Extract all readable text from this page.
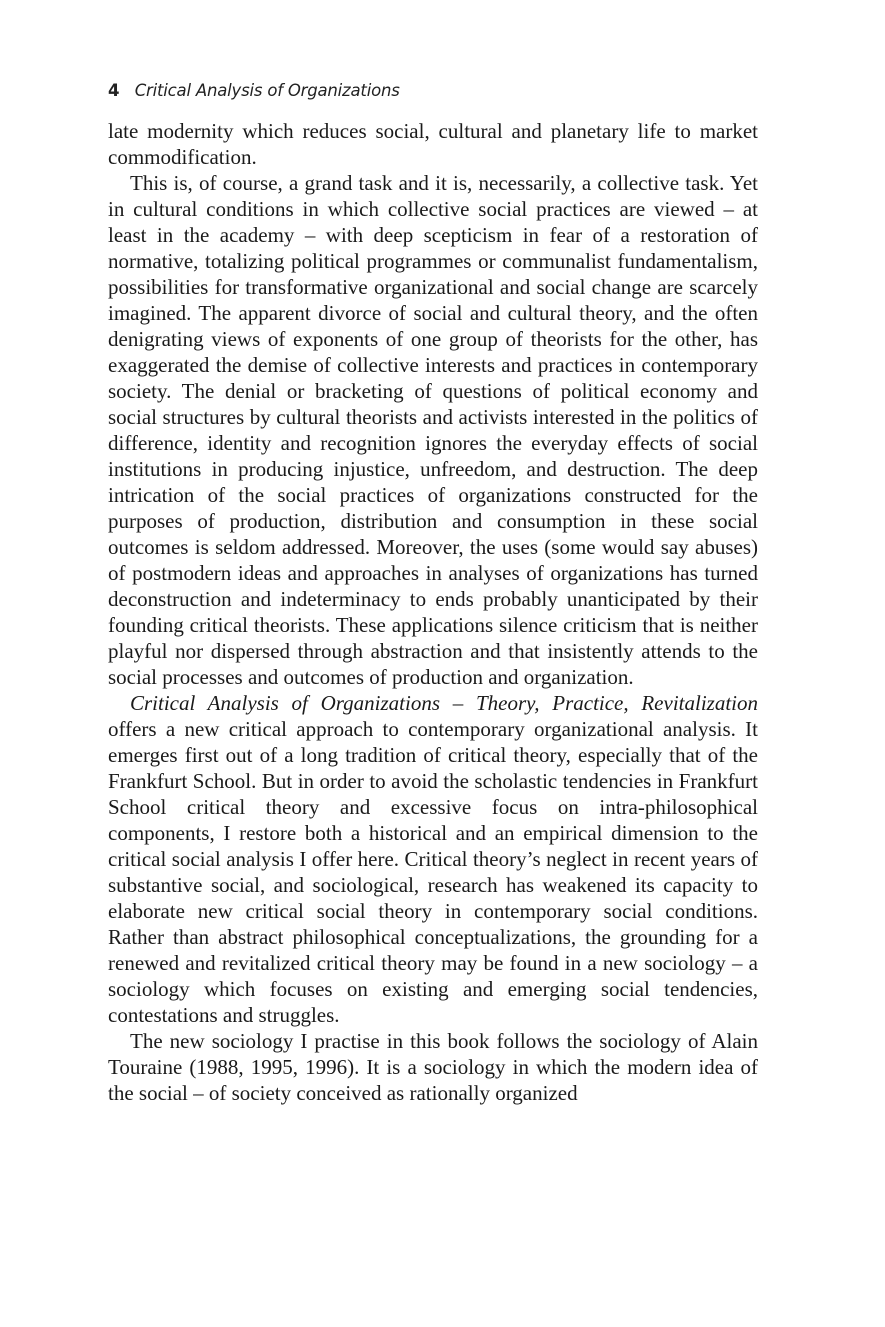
4 Critical Analysis of Organizations

late modernity which reduces social, cultural and planetary life to market commodification.

This is, of course, a grand task and it is, necessarily, a collective task. Yet in cultural conditions in which collective social practices are viewed – at least in the academy – with deep scepticism in fear of a restoration of normative, totalizing political programmes or communalist fundamentalism, possibilities for transformative organizational and social change are scarcely imagined. The apparent divorce of social and cultural theory, and the often denigrating views of exponents of one group of theorists for the other, has exaggerated the demise of collective interests and practices in contemporary society. The denial or bracketing of questions of political economy and social structures by cultural theorists and activists interested in the politics of difference, identity and recognition ignores the everyday effects of social institutions in producing injustice, unfreedom, and destruction. The deep intrication of the social practices of organizations constructed for the purposes of production, distribution and consumption in these social outcomes is seldom addressed. Moreover, the uses (some would say abuses) of postmodern ideas and approaches in analyses of organizations has turned deconstruction and indeterminacy to ends probably unanticipated by their founding critical theorists. These applications silence criticism that is neither playful nor dispersed through abstraction and that insistently attends to the social processes and outcomes of production and organization.

Critical Analysis of Organizations – Theory, Practice, Revitalization offers a new critical approach to contemporary organizational analysis. It emerges first out of a long tradition of critical theory, especially that of the Frankfurt School. But in order to avoid the scholastic tendencies in Frankfurt School critical theory and excessive focus on intra-philosophical components, I restore both a historical and an empirical dimension to the critical social analysis I offer here. Critical theory’s neglect in recent years of substantive social, and sociological, research has weakened its capacity to elaborate new critical social theory in contemporary social conditions. Rather than abstract philosophical conceptualizations, the grounding for a renewed and revitalized critical theory may be found in a new sociology – a sociology which focuses on existing and emerging social tendencies, contestations and struggles.

The new sociology I practise in this book follows the sociology of Alain Touraine (1988, 1995, 1996). It is a sociology in which the modern idea of the social – of society conceived as rationally organized
